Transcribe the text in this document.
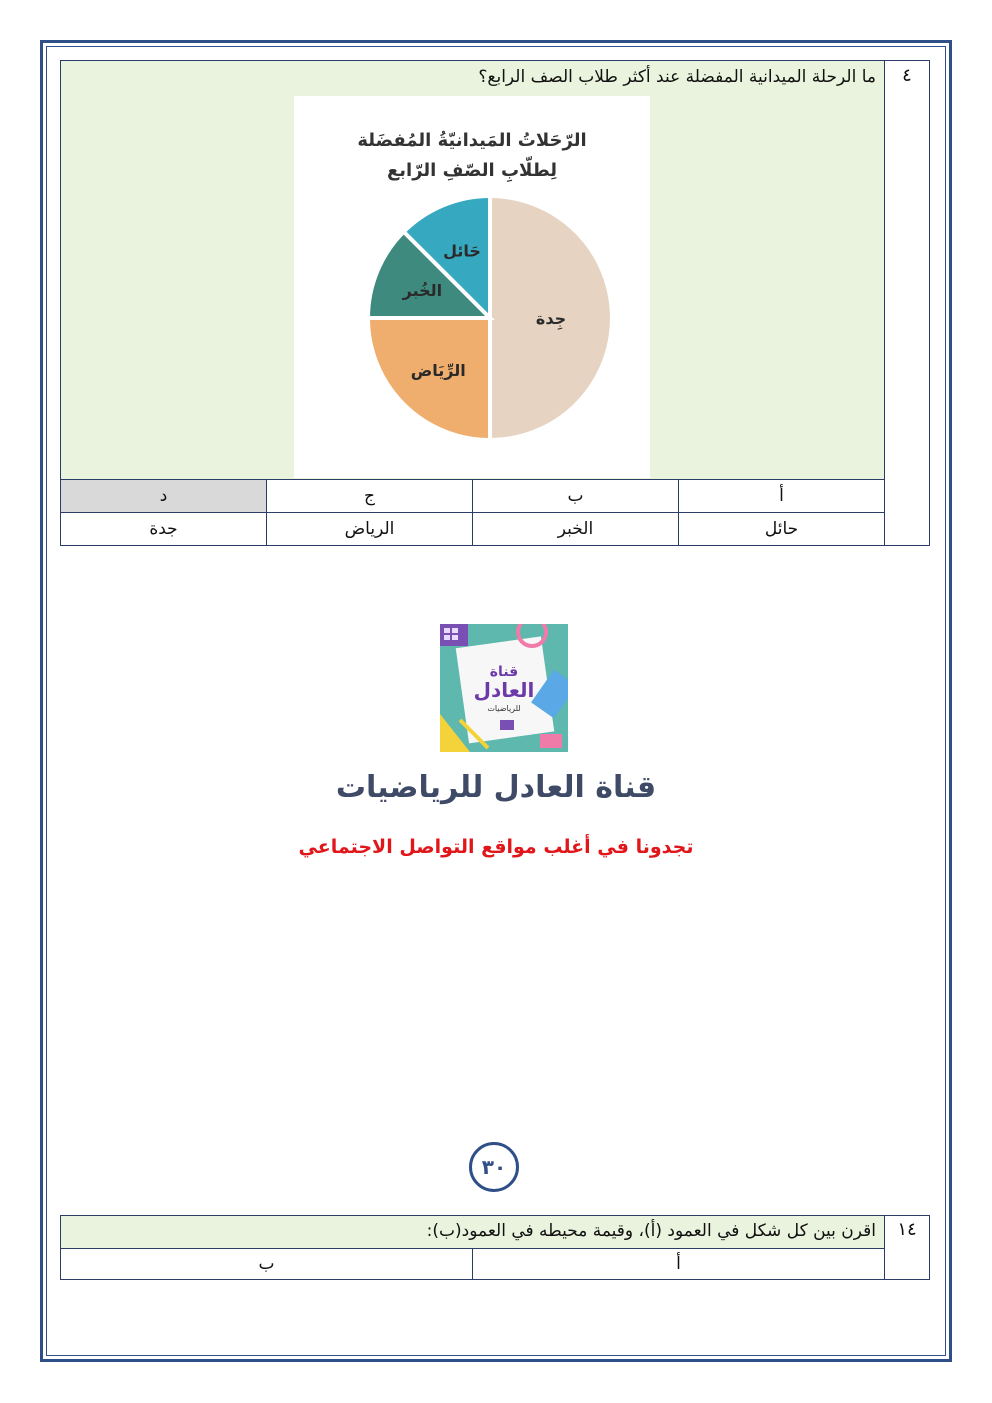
٤
ما الرحلة الميدانية المفضلة عند أكثر طلاب الصف الرابع؟
الرّحَلاتُ المَيدانيّةُ المُفضَلة
لِطلّابِ الصّفِ الرّابع
جِدة
الرِّيَاض
الخُبر
حَائل
أ
ب
ج
د
حائل
الخبر
الرياض
جدة
قناة
العادل
للرياضيات
قناة العادل للرياضيات
تجدونا في أغلب مواقع التواصل الاجتماعي
٣٠
١٤
اقرن بين كل شكل في العمود (أ)، وقيمة محيطه في العمود(ب):
أ
ب
